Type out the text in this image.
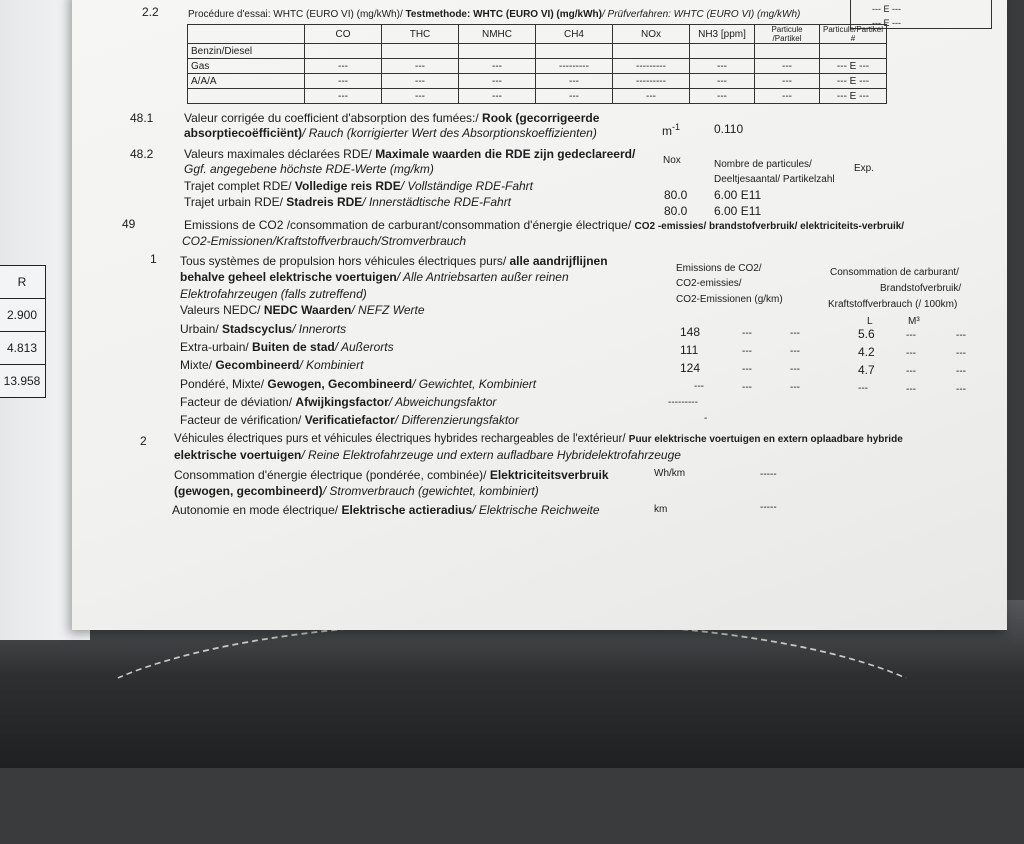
R
2.900
4.813
13.958
--- E ---
--- E ---
2.2	Procédure d'essai: WHTC (EURO VI) (mg/kWh)/ Testmethode: WHTC (EURO VI) (mg/kWh)/ Prüfverfahren: WHTC (EURO VI) (mg/kWh)
	CO	THC	NMHC	CH4	NOx	NH3 [ppm]	Particule /Partikel	Particule/Partikel #
Benzin/Diesel								
Gas	---	---	---	---------	---------	---	---	--- E ---
A/A/A	---	---	---	---	---------	---	---	--- E ---
	---	---	---	---	---	---	---	--- E ---
48.1	Valeur corrigée du coefficient d'absorption des fumées:/ Rook (gecorrigeerde
absorptiecoëfficiënt)/ Rauch (korrigierter Wert des Absorptionskoeffizienten)	$m^{-1}$	0.110
48.2	Valeurs maximales déclarées RDE/ Maximale waarden die RDE zijn gedeclareerd/
Ggf. angegebene höchste RDE-Werte (mg/km)
Nox	Nombre de particules/
Deeltjesaantal/ Partikelzahl
Exp.
Trajet complet RDE/ Volledige reis RDE/ Vollständige RDE-Fahrt
80.0 6.00 E11
Trajet urbain RDE/ Stadreis RDE/ Innerstädtische RDE-Fahrt
80.0 6.00 E11
49	Emissions de CO2 /consommation de carburant/consommation d'énergie électrique/ CO2 -emissies/ brandstofverbruik/ elektriciteits-verbruik/
CO2-Emissionen/Kraftstoffverbrauch/Stromverbrauch
1 Tous systèmes de propulsion hors véhicules électriques purs/ alle aandrijflijnen
behalve geheel elektrische voertuigen/ Alle Antriebsarten außer reinen
Elektrofahrzeugen (falls zutreffend)
Emissions de CO2/
CO2-emissies/
CO2-Emissionen (g/km)
Consommation de carburant/
Brandstofverbruik/
Kraftstoffverbrauch (/ 100km)
L	M³
Valeurs NEDC/ NEDC Waarden/ NEFZ Werte
Urbain/ Stadscyclus/ Innerorts	148	---	---	5.6	---	---
Extra-urbain/ Buiten de stad/ Außerorts	111	---	---	4.2	---	---
Mixte/ Gecombineerd/ Kombiniert	124	---	---	4.7	---	---
Pondéré, Mixte/ Gewogen, Gecombineerd/ Gewichtet, Kombiniert	---	---	---	---	---	---
Facteur de déviation/ Afwijkingsfactor/ Abweichungsfaktor	---------
Facteur de vérification/ Verificatiefactor/ Differenzierungsfaktor	-
2 Véhicules électriques purs et véhicules électriques hybrides rechargeables de l'extérieur/ Puur elektrische voertuigen en extern oplaadbare hybride
elektrische voertuigen/ Reine Elektrofahrzeuge und extern aufladbare Hybridelektrofahrzeuge
Consommation d'énergie électrique (pondérée, combinée)/ Elektriciteitsverbruik	Wh/km	-----
(gewogen, gecombineerd)/ Stromverbrauch (gewichtet, kombiniert)
Autonomie en mode électrique/ Elektrische actieradius/ Elektrische Reichweite	km	-----
